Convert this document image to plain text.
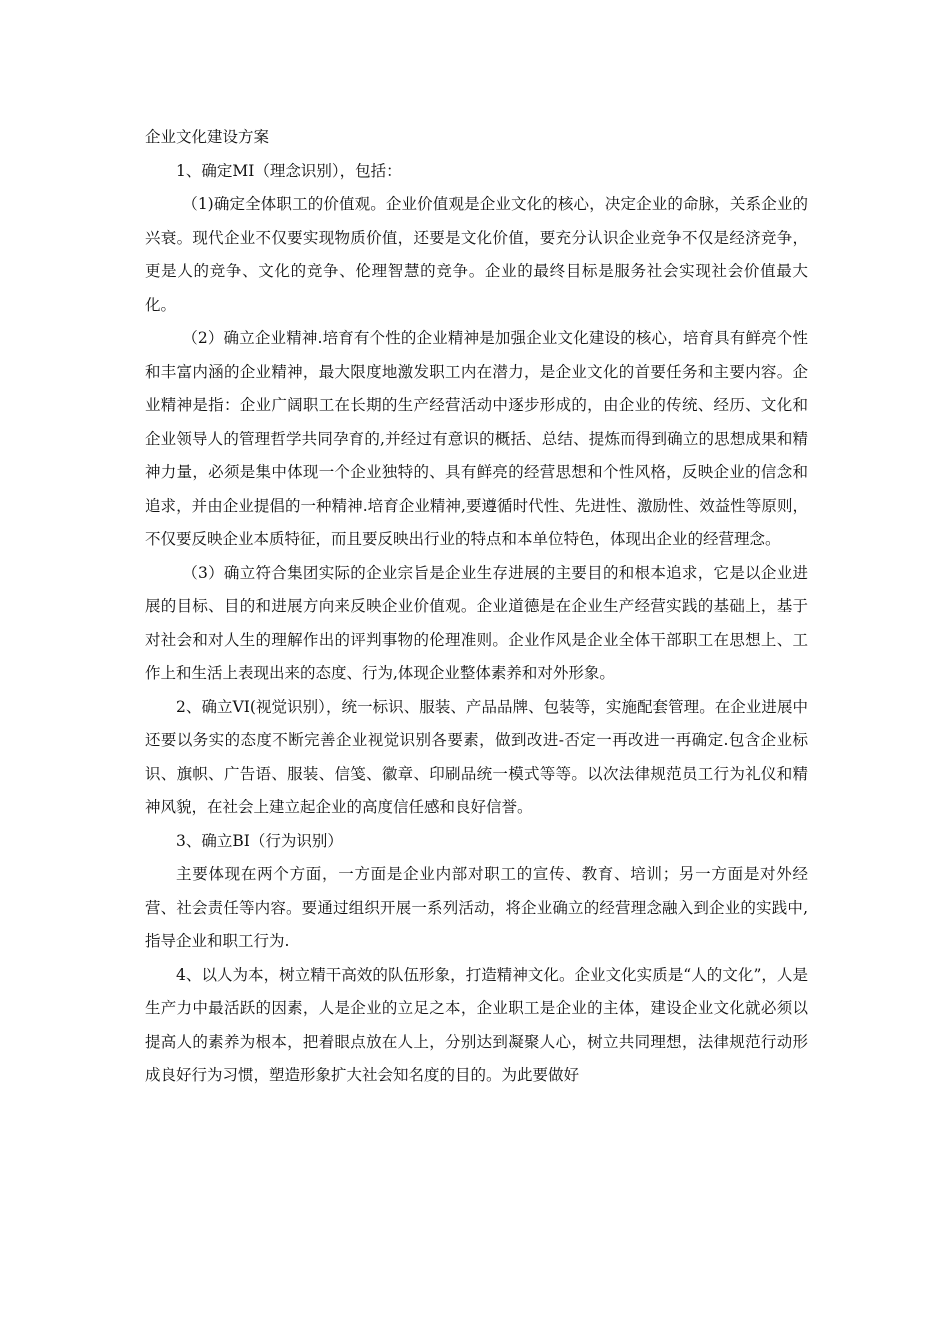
企业文化建设方案

1、确定MI（理念识别），包括：

（1)确定全体职工的价值观。企业价值观是企业文化的核心，决定企业的命脉，关系企业的兴衰。现代企业不仅要实现物质价值，还要是文化价值，要充分认识企业竞争不仅是经济竞争，更是人的竞争、文化的竞争、伦理智慧的竞争。企业的最终目标是服务社会实现社会价值最大化。

（2）确立企业精神.培育有个性的企业精神是加强企业文化建设的核心，培育具有鲜亮个性和丰富内涵的企业精神，最大限度地激发职工内在潜力，是企业文化的首要任务和主要内容。企业精神是指：企业广阔职工在长期的生产经营活动中逐步形成的，由企业的传统、经历、文化和企业领导人的管理哲学共同孕育的,并经过有意识的概括、总结、提炼而得到确立的思想成果和精神力量，必须是集中体现一个企业独特的、具有鲜亮的经营思想和个性风格，反映企业的信念和追求，并由企业提倡的一种精神.培育企业精神,要遵循时代性、先进性、激励性、效益性等原则，不仅要反映企业本质特征，而且要反映出行业的特点和本单位特色，体现出企业的经营理念。

（3）确立符合集团实际的企业宗旨是企业生存进展的主要目的和根本追求，它是以企业进展的目标、目的和进展方向来反映企业价值观。企业道德是在企业生产经营实践的基础上，基于对社会和对人生的理解作出的评判事物的伦理准则。企业作风是企业全体干部职工在思想上、工作上和生活上表现出来的态度、行为,体现企业整体素养和对外形象。

2、确立VI(视觉识别），统一标识、服装、产品品牌、包装等，实施配套管理。在企业进展中还要以务实的态度不断完善企业视觉识别各要素，做到改进-否定一再改进一再确定.包含企业标识、旗帜、广告语、服装、信笺、徽章、印刷品统一模式等等。以次法律规范员工行为礼仪和精神风貌，在社会上建立起企业的高度信任感和良好信誉。

3、确立BI（行为识别）

主要体现在两个方面，一方面是企业内部对职工的宣传、教育、培训；另一方面是对外经营、社会责任等内容。要通过组织开展一系列活动，将企业确立的经营理念融入到企业的实践中,指导企业和职工行为.

4、以人为本，树立精干高效的队伍形象，打造精神文化。企业文化实质是“人的文化”，人是生产力中最活跃的因素，人是企业的立足之本，企业职工是企业的主体，建设企业文化就必须以提高人的素养为根本，把着眼点放在人上，分别达到凝聚人心，树立共同理想，法律规范行动形成良好行为习惯，塑造形象扩大社会知名度的目的。为此要做好
